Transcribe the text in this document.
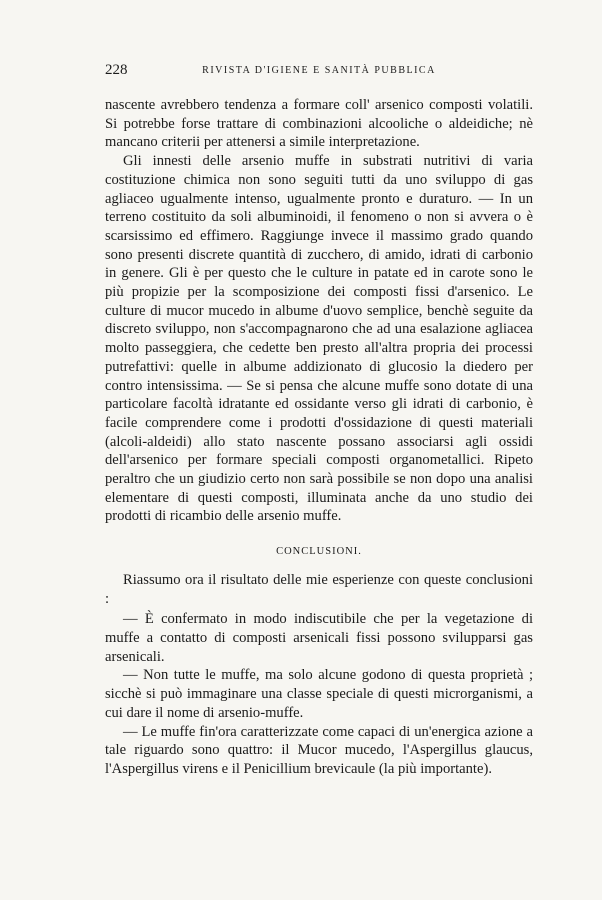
228	RIVISTA D'IGIENE E SANITÀ PUBBLICA

nascente avrebbero tendenza a formare coll' arsenico composti volatili. Si potrebbe forse trattare di combinazioni alcooliche o aldeidiche; nè mancano criterii per attenersi a simile interpretazione.

Gli innesti delle arsenio muffe in substrati nutritivi di varia costituzione chimica non sono seguiti tutti da uno sviluppo di gas agliaceo ugualmente intenso, ugualmente pronto e duraturo. — In un terreno costituito da soli albuminoidi, il fenomeno o non si avvera o è scarsissimo ed effimero. Raggiunge invece il massimo grado quando sono presenti discrete quantità di zucchero, di amido, idrati di carbonio in genere. Gli è per questo che le culture in patate ed in carote sono le più propizie per la scomposizione dei composti fissi d'arsenico. Le culture di mucor mucedo in albume d'uovo semplice, benchè seguite da discreto sviluppo, non s'accompagnarono che ad una esalazione agliacea molto passeggiera, che cedette ben presto all'altra propria dei processi putrefattivi: quelle in albume addizionato di glucosio la diedero per contro intensissima. — Se si pensa che alcune muffe sono dotate di una particolare facoltà idratante ed ossidante verso gli idrati di carbonio, è facile comprendere come i prodotti d'ossidazione di questi materiali (alcoli-aldeidi) allo stato nascente possano associarsi agli ossidi dell'arsenico per formare speciali composti organometallici. Ripeto peraltro che un giudizio certo non sarà possibile se non dopo una analisi elementare di questi composti, illuminata anche da uno studio dei prodotti di ricambio delle arsenio muffe.

CONCLUSIONI.

Riassumo ora il risultato delle mie esperienze con queste conclusioni :

— È confermato in modo indiscutibile che per la vegetazione di muffe a contatto di composti arsenicali fissi possono svilupparsi gas arsenicali.

— Non tutte le muffe, ma solo alcune godono di questa proprietà ; sicchè si può immaginare una classe speciale di questi microrganismi, a cui dare il nome di arsenio-muffe.

— Le muffe fin'ora caratterizzate come capaci di un'energica azione a tale riguardo sono quattro: il Mucor mucedo, l'Aspergillus glaucus, l'Aspergillus virens e il Penicillium brevicaule (la più importante).
